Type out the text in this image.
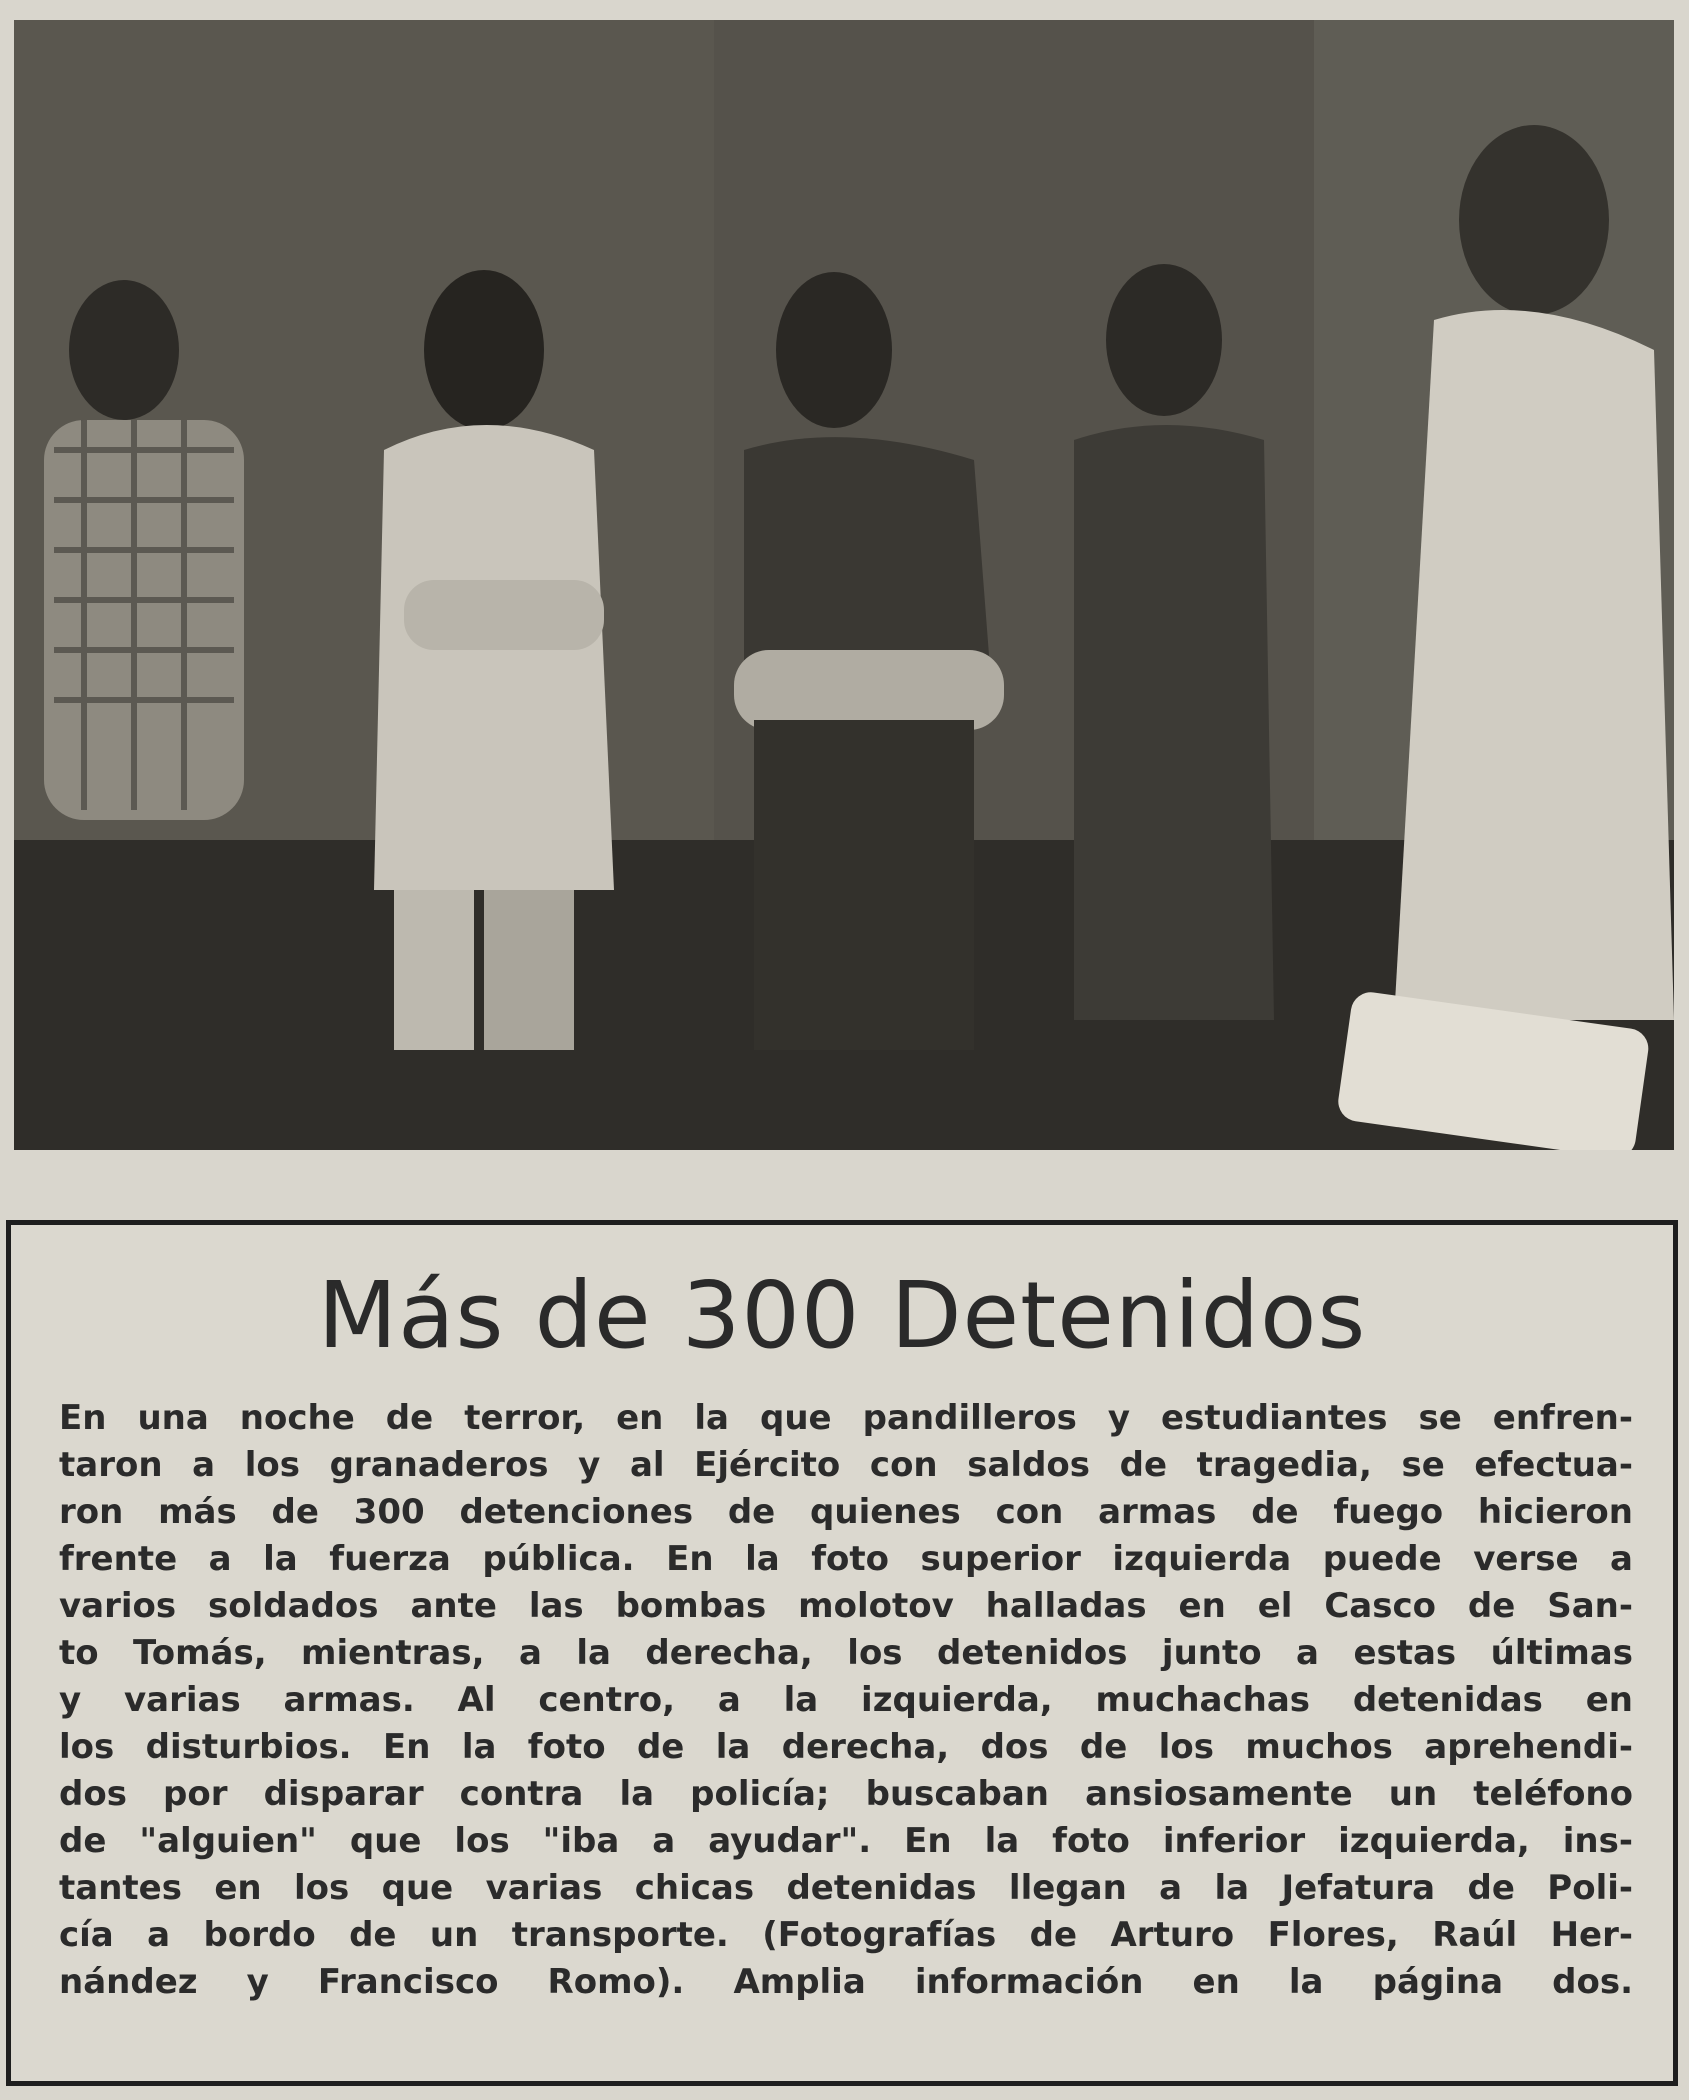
Más de 300 Detenidos

En una noche de terror, en la que pandilleros y estudiantes se enfren-
taron a los granaderos y al Ejército con saldos de tragedia, se efectua-
ron más de 300 detenciones de quienes con armas de fuego hicieron
frente a la fuerza pública. En la foto superior izquierda puede verse a
varios soldados ante las bombas molotov halladas en el Casco de San-
to Tomás, mientras, a la derecha, los detenidos junto a estas últimas
y varias armas. Al centro, a la izquierda, muchachas detenidas en
los disturbios. En la foto de la derecha, dos de los muchos aprehendi-
dos por disparar contra la policía; buscaban ansiosamente un teléfono
de "alguien" que los "iba a ayudar". En la foto inferior izquierda, ins-
tantes en los que varias chicas detenidas llegan a la Jefatura de Poli-
cía a bordo de un transporte. (Fotografías de Arturo Flores, Raúl Her-
nández y Francisco Romo). Amplia información en la página dos.
